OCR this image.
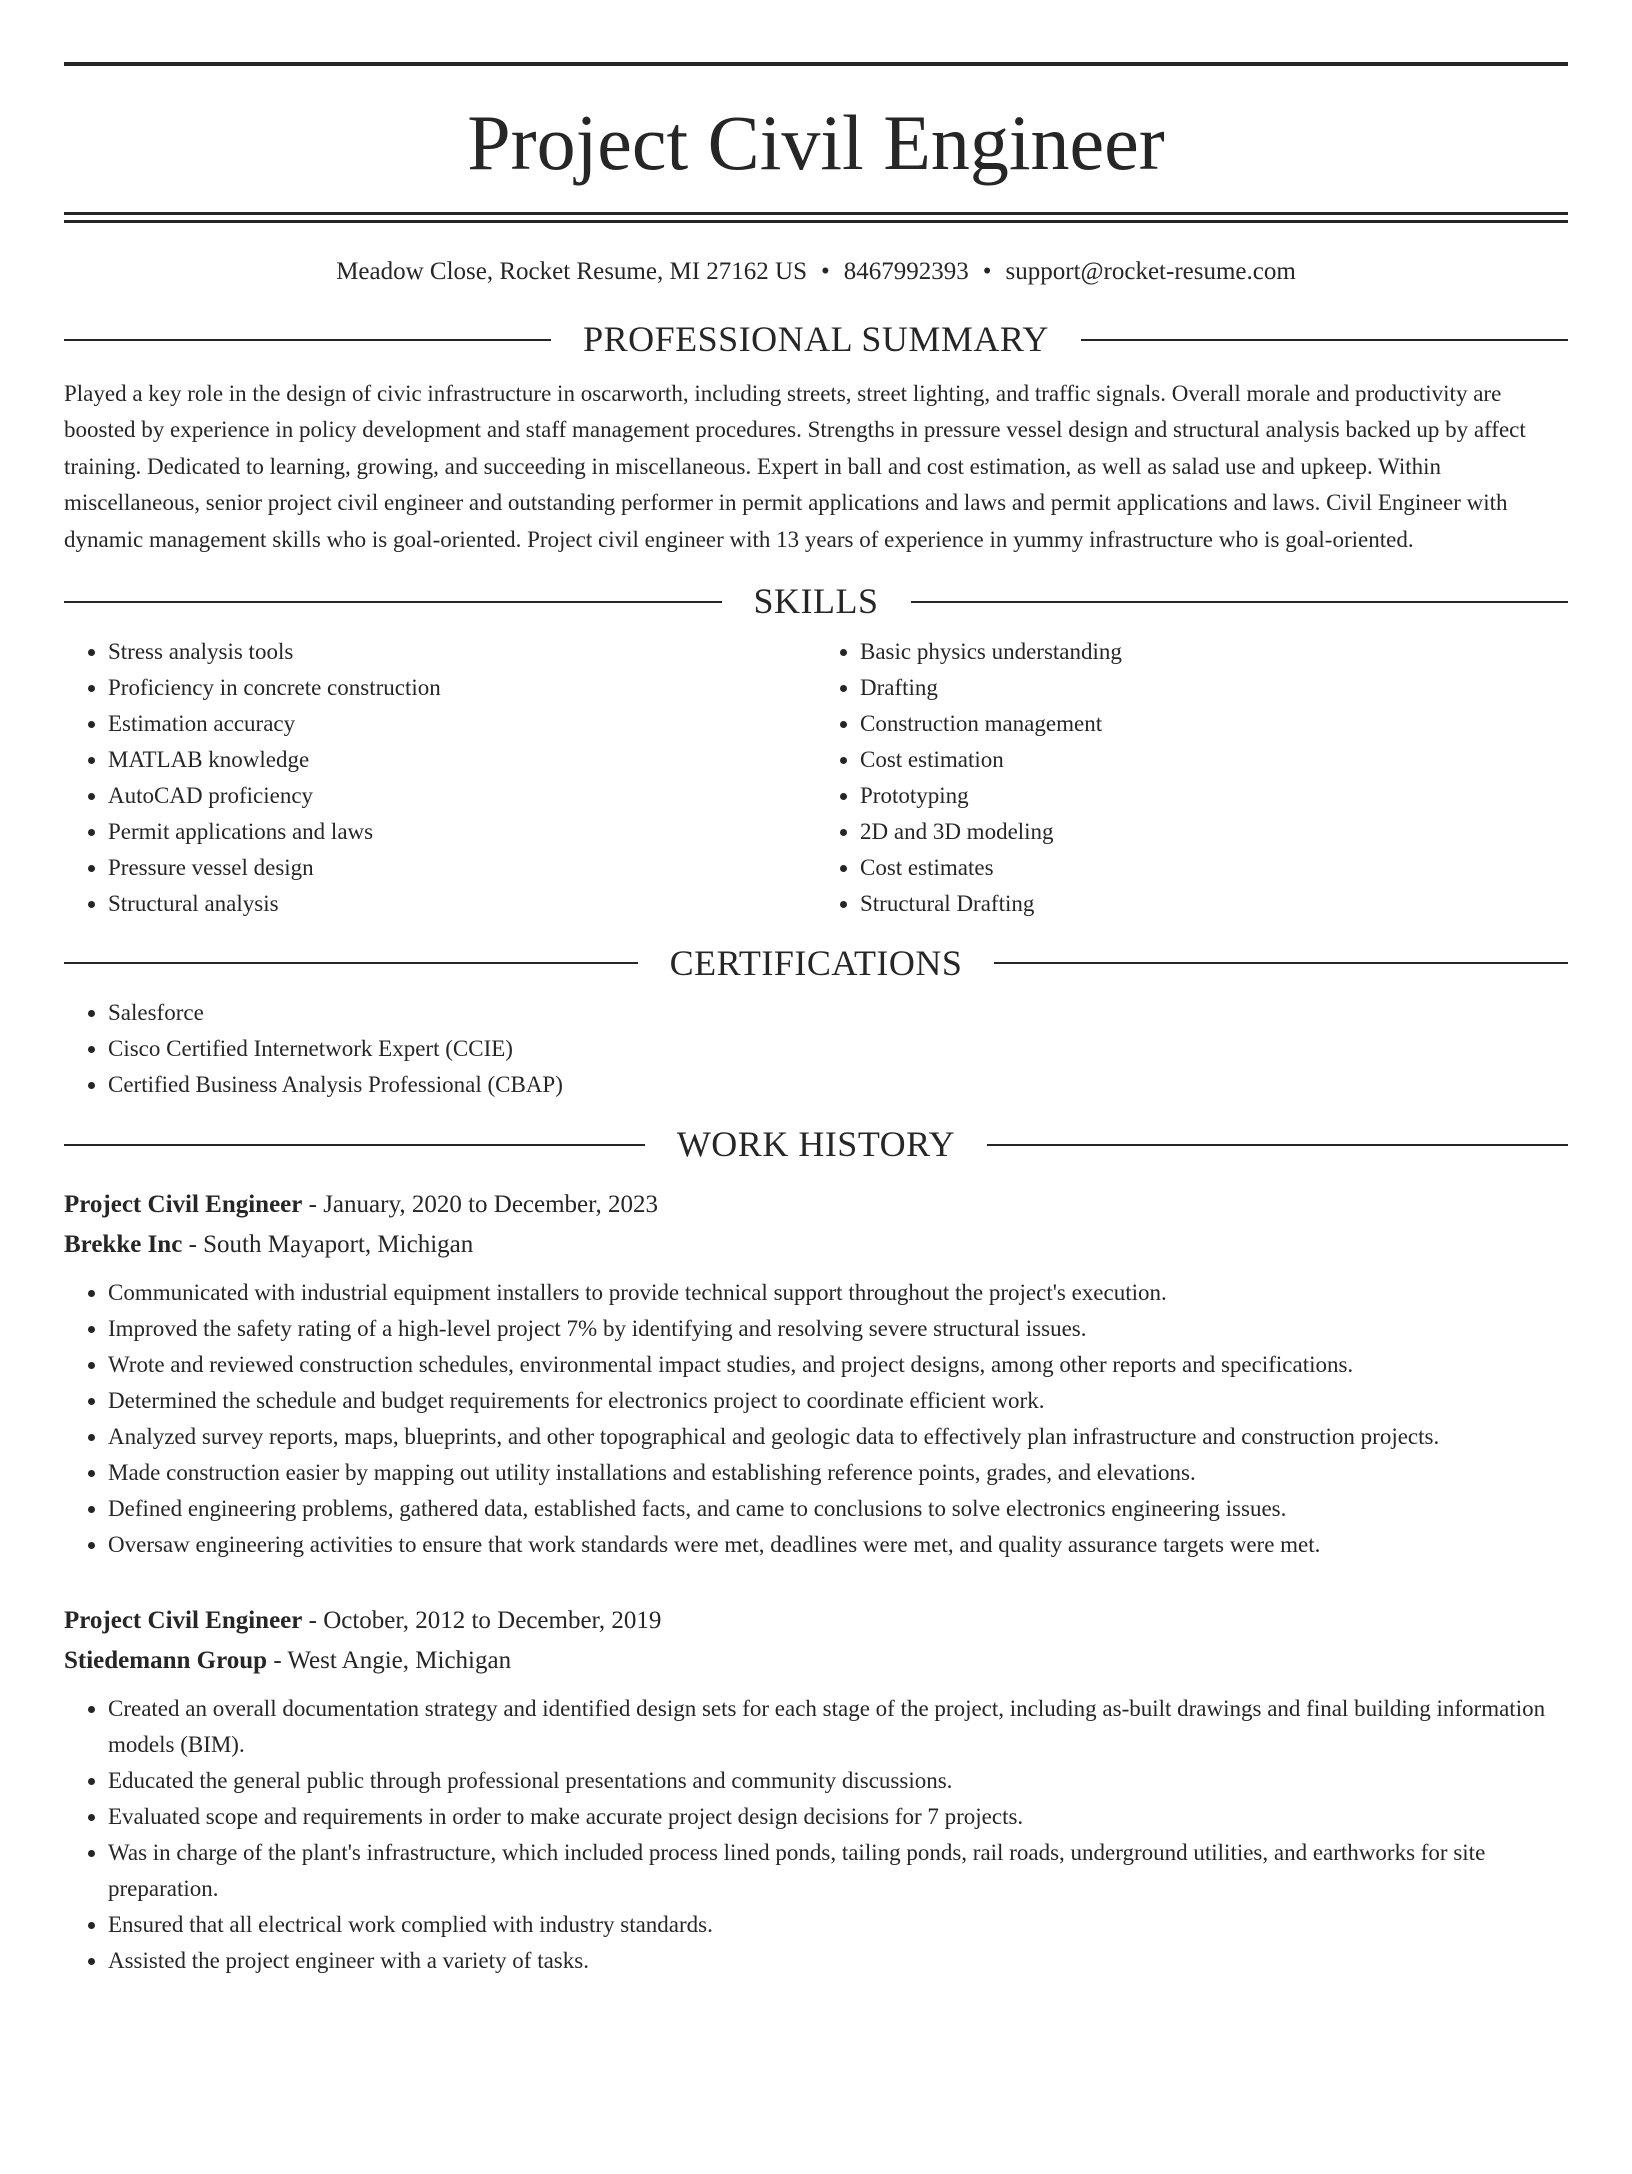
Project Civil Engineer
Meadow Close, Rocket Resume, MI 27162 US • 8467992393 • support@rocket-resume.com
PROFESSIONAL SUMMARY

Played a key role in the design of civic infrastructure in oscarworth, including streets, street lighting, and traffic signals. Overall morale and productivity are boosted by experience in policy development and staff management procedures. Strengths in pressure vessel design and structural analysis backed up by affect training. Dedicated to learning, growing, and succeeding in miscellaneous. Expert in ball and cost estimation, as well as salad use and upkeep. Within miscellaneous, senior project civil engineer and outstanding performer in permit applications and laws and permit applications and laws. Civil Engineer with dynamic management skills who is goal-oriented. Project civil engineer with 13 years of experience in yummy infrastructure who is goal-oriented.

SKILLS
• Stress analysis tools
• Proficiency in concrete construction
• Estimation accuracy
• MATLAB knowledge
• AutoCAD proficiency
• Permit applications and laws
• Pressure vessel design
• Structural analysis
• Basic physics understanding
• Drafting
• Construction management
• Cost estimation
• Prototyping
• 2D and 3D modeling
• Cost estimates
• Structural Drafting
CERTIFICATIONS
• Salesforce
• Cisco Certified Internetwork Expert (CCIE)
• Certified Business Analysis Professional (CBAP)
WORK HISTORY
Project Civil Engineer - January, 2020 to December, 2023
Brekke Inc - South Mayaport, Michigan
• Communicated with industrial equipment installers to provide technical support throughout the project's execution.
• Improved the safety rating of a high-level project 7% by identifying and resolving severe structural issues.
• Wrote and reviewed construction schedules, environmental impact studies, and project designs, among other reports and specifications.
• Determined the schedule and budget requirements for electronics project to coordinate efficient work.
• Analyzed survey reports, maps, blueprints, and other topographical and geologic data to effectively plan infrastructure and construction projects.
• Made construction easier by mapping out utility installations and establishing reference points, grades, and elevations.
• Defined engineering problems, gathered data, established facts, and came to conclusions to solve electronics engineering issues.
• Oversaw engineering activities to ensure that work standards were met, deadlines were met, and quality assurance targets were met.
Project Civil Engineer - October, 2012 to December, 2019
Stiedemann Group - West Angie, Michigan
• Created an overall documentation strategy and identified design sets for each stage of the project, including as-built drawings and final building information models (BIM).
• Educated the general public through professional presentations and community discussions.
• Evaluated scope and requirements in order to make accurate project design decisions for 7 projects.
• Was in charge of the plant's infrastructure, which included process lined ponds, tailing ponds, rail roads, underground utilities, and earthworks for site preparation.
• Ensured that all electrical work complied with industry standards.
• Assisted the project engineer with a variety of tasks.
